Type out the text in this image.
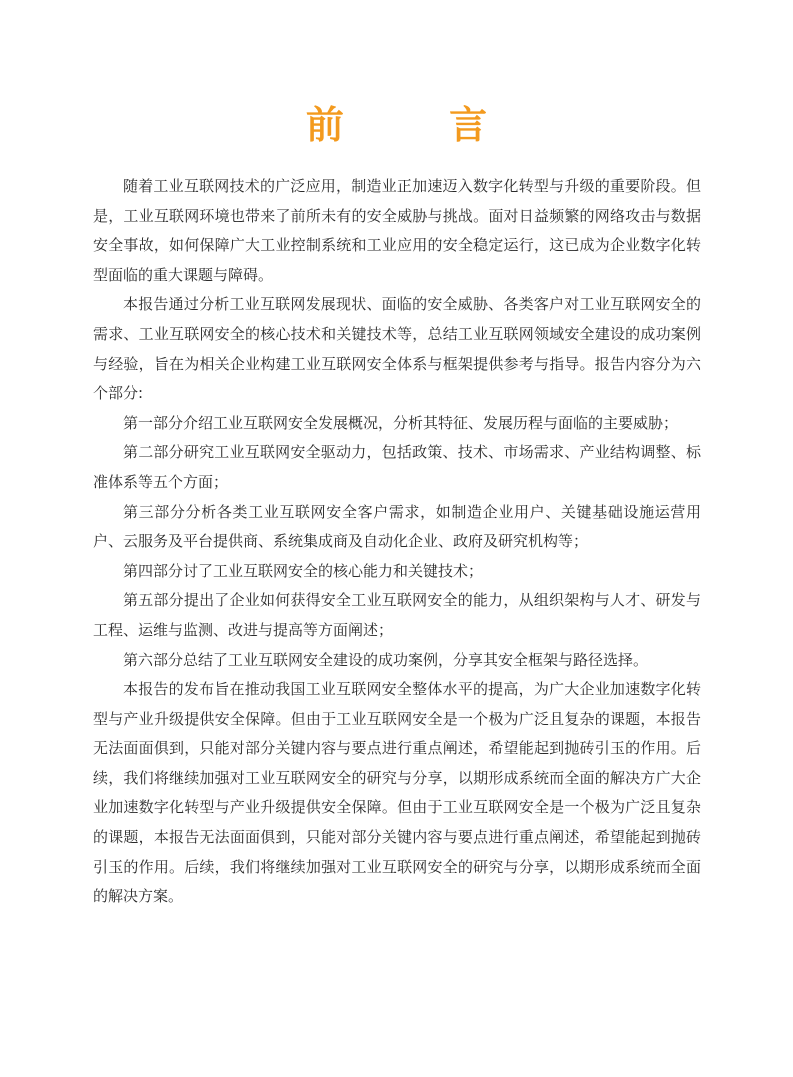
前 言

随着工业互联网技术的广泛应用，制造业正加速迈入数字化转型与升级的重要阶段。但是，工业互联网环境也带来了前所未有的安全威胁与挑战。面对日益频繁的网络攻击与数据安全事故，如何保障广大工业控制系统和工业应用的安全稳定运行，这已成为企业数字化转型面临的重大课题与障碍。

本报告通过分析工业互联网发展现状、面临的安全威胁、各类客户对工业互联网安全的需求、工业互联网安全的核心技术和关键技术等，总结工业互联网领域安全建设的成功案例与经验，旨在为相关企业构建工业互联网安全体系与框架提供参考与指导。报告内容分为六个部分:

第一部分介绍工业互联网安全发展概况，分析其特征、发展历程与面临的主要威胁；

第二部分研究工业互联网安全驱动力，包括政策、技术、市场需求、产业结构调整、标准体系等五个方面；

第三部分分析各类工业互联网安全客户需求，如制造企业用户、关键基础设施运营用户、云服务及平台提供商、系统集成商及自动化企业、政府及研究机构等；

第四部分讨了工业互联网安全的核心能力和关键技术；

第五部分提出了企业如何获得安全工业互联网安全的能力，从组织架构与人才、研发与工程、运维与监测、改进与提高等方面阐述；

第六部分总结了工业互联网安全建设的成功案例，分享其安全框架与路径选择。

本报告的发布旨在推动我国工业互联网安全整体水平的提高，为广大企业加速数字化转型与产业升级提供安全保障。但由于工业互联网安全是一个极为广泛且复杂的课题，本报告无法面面俱到，只能对部分关键内容与要点进行重点阐述，希望能起到抛砖引玉的作用。后续，我们将继续加强对工业互联网安全的研究与分享，以期形成系统而全面的解决方广大企业加速数字化转型与产业升级提供安全保障。但由于工业互联网安全是一个极为广泛且复杂的课题，本报告无法面面俱到，只能对部分关键内容与要点进行重点阐述，希望能起到抛砖引玉的作用。后续，我们将继续加强对工业互联网安全的研究与分享，以期形成系统而全面的解决方案。
